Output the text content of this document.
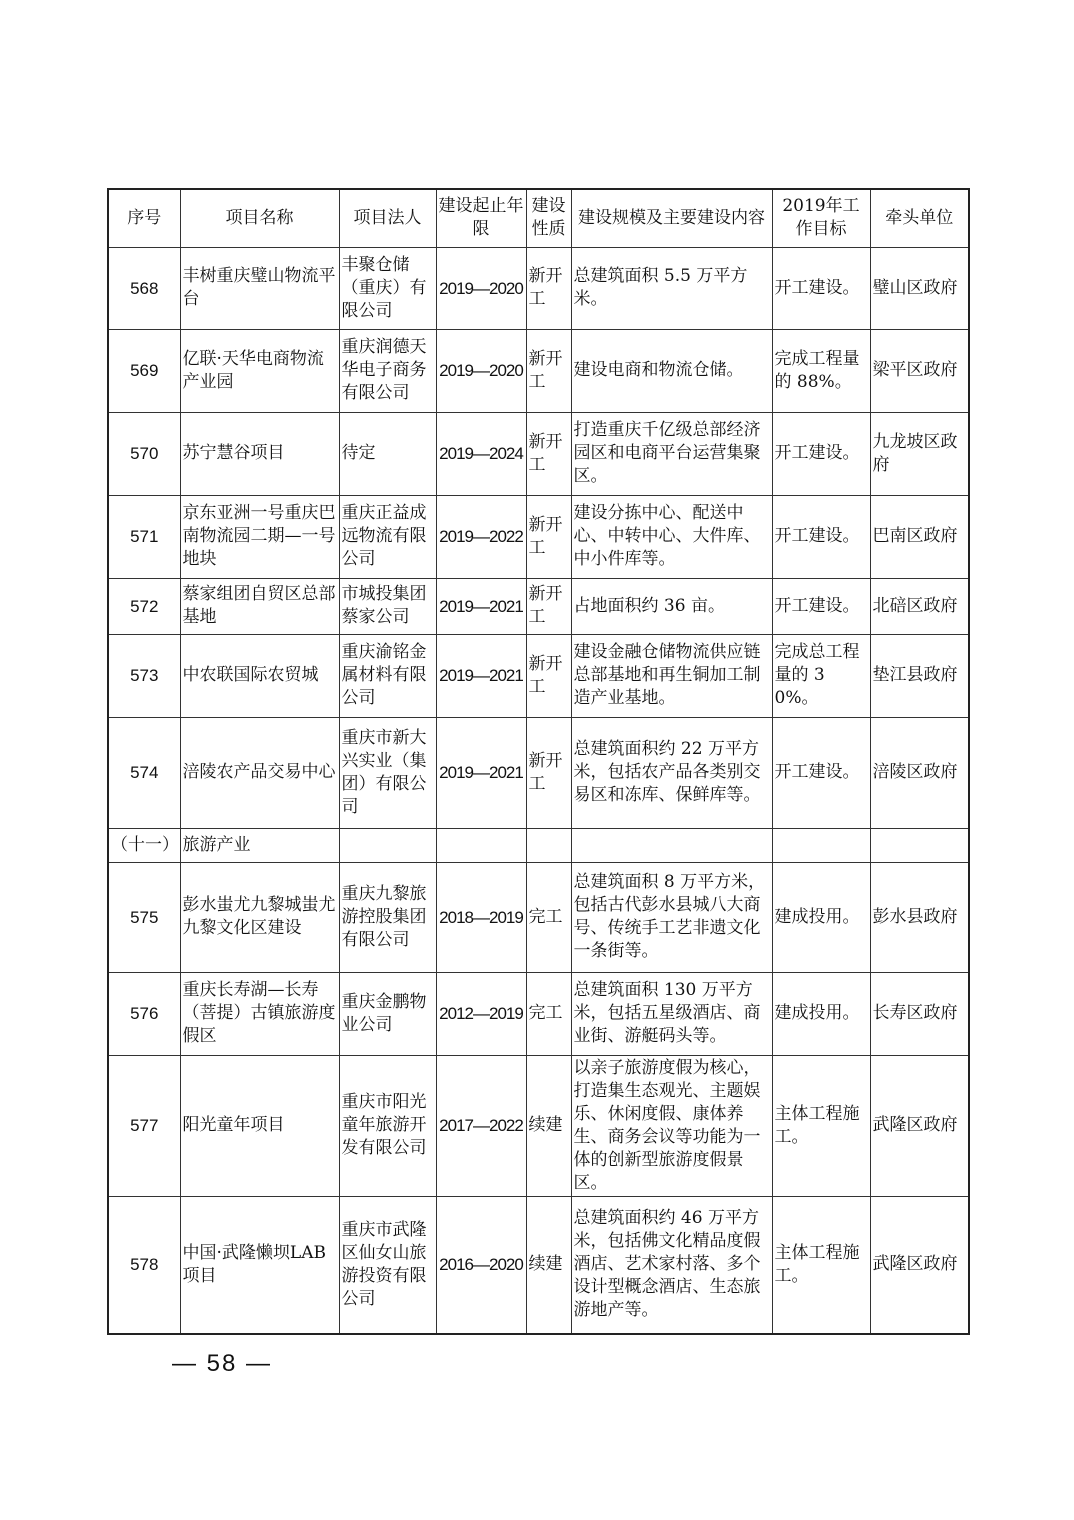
序号	项目名称	项目法人	建设起止年限	建设性质	建设规模及主要建设内容	2019年工作目标	牵头单位
568	丰树重庆璧山物流平台	丰聚仓储（重庆）有限公司	2019—2020	新开工	总建筑面积 5.5 万平方米。	开工建设。	璧山区政府
569	亿联·天华电商物流产业园	重庆润德天华电子商务有限公司	2019—2020	新开工	建设电商和物流仓储。	完成工程量的 88%。	梁平区政府
570	苏宁慧谷项目	待定	2019—2024	新开工	打造重庆千亿级总部经济园区和电商平台运营集聚区。	开工建设。	九龙坡区政府
571	京东亚洲一号重庆巴南物流园二期—一号地块	重庆正益成远物流有限公司	2019—2022	新开工	建设分拣中心、配送中心、中转中心、大件库、中小件库等。	开工建设。	巴南区政府
572	蔡家组团自贸区总部基地	市城投集团蔡家公司	2019—2021	新开工	占地面积约 36 亩。	开工建设。	北碚区政府
573	中农联国际农贸城	重庆渝铭金属材料有限公司	2019—2021	新开工	建设金融仓储物流供应链总部基地和再生铜加工制造产业基地。	完成总工程量的 30%。	垫江县政府
574	涪陵农产品交易中心	重庆市新大兴实业（集团）有限公司	2019—2021	新开工	总建筑面积约 22 万平方米，包括农产品各类别交易区和冻库、保鲜库等。	开工建设。	涪陵区政府
（十一）	旅游产业						
575	彭水蚩尤九黎城蚩尤九黎文化区建设	重庆九黎旅游控股集团有限公司	2018—2019	完工	总建筑面积 8 万平方米，包括古代彭水县城八大商号、传统手工艺非遗文化一条街等。	建成投用。	彭水县政府
576	重庆长寿湖—长寿（菩提）古镇旅游度假区	重庆金鹏物业公司	2012—2019	完工	总建筑面积 130 万平方米，包括五星级酒店、商业街、游艇码头等。	建成投用。	长寿区政府
577	阳光童年项目	重庆市阳光童年旅游开发有限公司	2017—2022	续建	以亲子旅游度假为核心，打造集生态观光、主题娱乐、休闲度假、康体养生、商务会议等功能为一体的创新型旅游度假景区。	主体工程施工。	武隆区政府
578	中国·武隆懒坝LAB项目	重庆市武隆区仙女山旅游投资有限公司	2016—2020	续建	总建筑面积约 46 万平方米，包括佛文化精品度假酒店、艺术家村落、多个设计型概念酒店、生态旅游地产等。	主体工程施工。	武隆区政府
— 58 —
